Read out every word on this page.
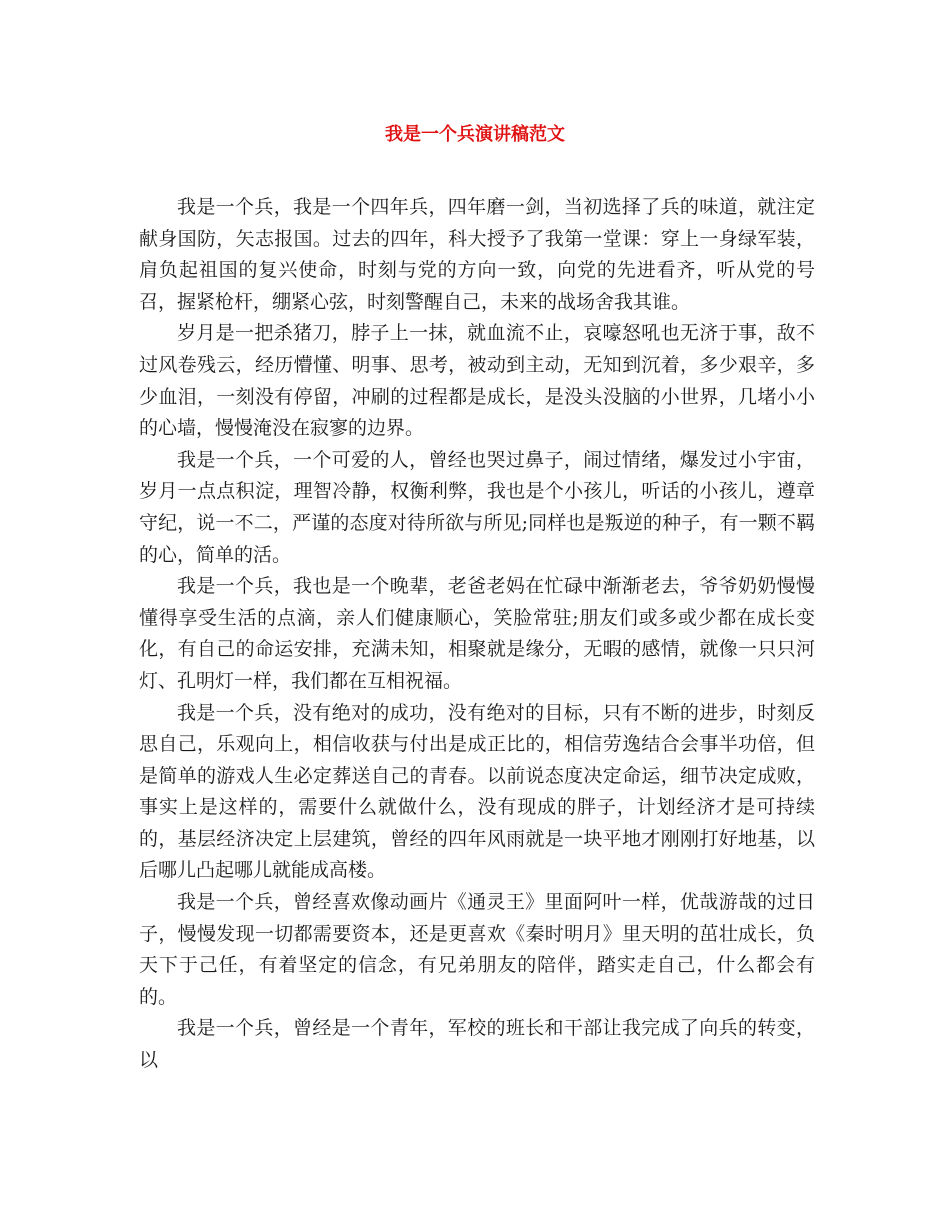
我是一个兵演讲稿范文

我是一个兵，我是一个四年兵，四年磨一剑，当初选择了兵的味道，就注定献身国防，矢志报国。过去的四年，科大授予了我第一堂课：穿上一身绿军装，肩负起祖国的复兴使命，时刻与党的方向一致，向党的先进看齐，听从党的号召，握紧枪杆，绷紧心弦，时刻警醒自己，未来的战场舍我其谁。

岁月是一把杀猪刀，脖子上一抹，就血流不止，哀嚎怒吼也无济于事，敌不过风卷残云，经历懵懂、明事、思考，被动到主动，无知到沉着，多少艰辛，多少血泪，一刻没有停留，冲刷的过程都是成长，是没头没脑的小世界，几堵小小的心墙，慢慢淹没在寂寥的边界。

我是一个兵，一个可爱的人，曾经也哭过鼻子，闹过情绪，爆发过小宇宙，岁月一点点积淀，理智冷静，权衡利弊，我也是个小孩儿，听话的小孩儿，遵章守纪，说一不二，严谨的态度对待所欲与所见;同样也是叛逆的种子，有一颗不羁的心，简单的活。

我是一个兵，我也是一个晚辈，老爸老妈在忙碌中渐渐老去，爷爷奶奶慢慢懂得享受生活的点滴，亲人们健康顺心，笑脸常驻;朋友们或多或少都在成长变化，有自己的命运安排，充满未知，相聚就是缘分，无暇的感情，就像一只只河灯、孔明灯一样，我们都在互相祝福。

我是一个兵，没有绝对的成功，没有绝对的目标，只有不断的进步，时刻反思自己，乐观向上，相信收获与付出是成正比的，相信劳逸结合会事半功倍，但是简单的游戏人生必定葬送自己的青春。以前说态度决定命运，细节决定成败，事实上是这样的，需要什么就做什么，没有现成的胖子，计划经济才是可持续的，基层经济决定上层建筑，曾经的四年风雨就是一块平地才刚刚打好地基，以后哪儿凸起哪儿就能成高楼。

我是一个兵，曾经喜欢像动画片《通灵王》里面阿叶一样，优哉游哉的过日子，慢慢发现一切都需要资本，还是更喜欢《秦时明月》里天明的茁壮成长，负天下于己任，有着坚定的信念，有兄弟朋友的陪伴，踏实走自己，什么都会有的。

我是一个兵，曾经是一个青年，军校的班长和干部让我完成了向兵的转变，以
